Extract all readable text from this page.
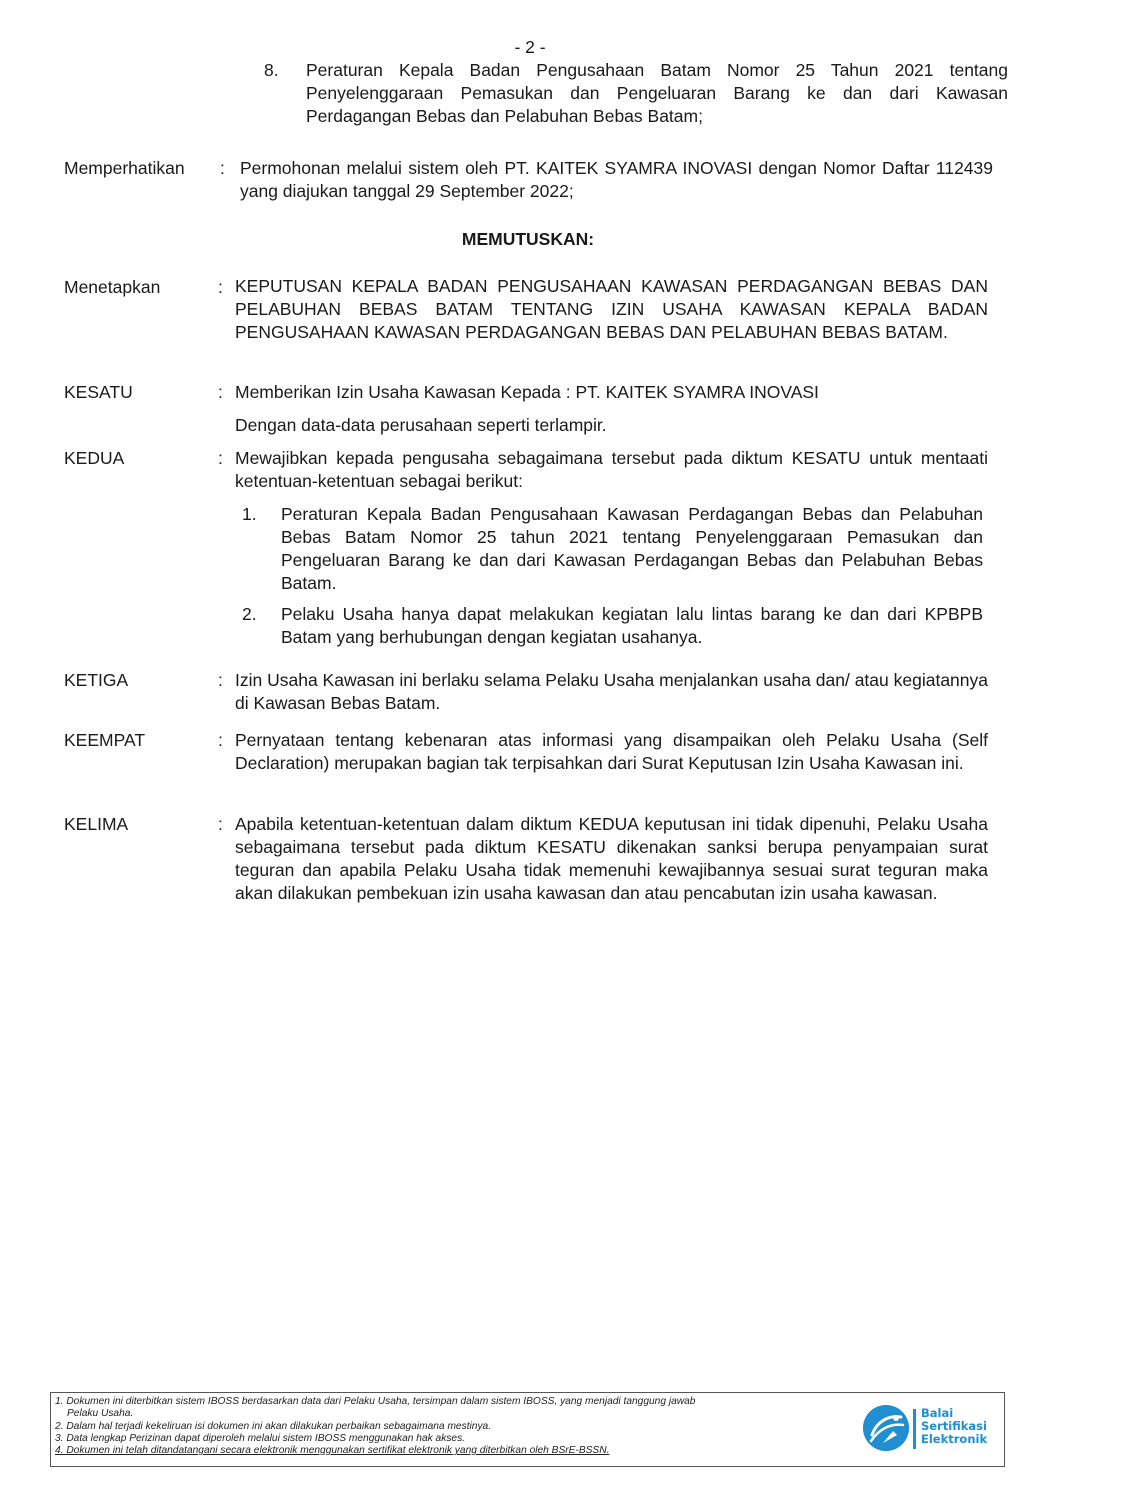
- 2 -
8. Peraturan Kepala Badan Pengusahaan Batam Nomor 25 Tahun 2021 tentang Penyelenggaraan Pemasukan dan Pengeluaran Barang ke dan dari Kawasan Perdagangan Bebas dan Pelabuhan Bebas Batam;
Memperhatikan : Permohonan melalui sistem oleh PT. KAITEK SYAMRA INOVASI dengan Nomor Daftar 112439 yang diajukan tanggal 29 September 2022;
MEMUTUSKAN:
Menetapkan	: KEPUTUSAN KEPALA BADAN PENGUSAHAAN KAWASAN PERDAGANGAN BEBAS DAN PELABUHAN BEBAS BATAM TENTANG IZIN USAHA KAWASAN KEPALA BADAN PENGUSAHAAN KAWASAN PERDAGANGAN BEBAS DAN PELABUHAN BEBAS BATAM.
KESATU	: Memberikan Izin Usaha Kawasan Kepada : PT. KAITEK SYAMRA INOVASI
Dengan data-data perusahaan seperti terlampir.
KEDUA	: Mewajibkan kepada pengusaha sebagaimana tersebut pada diktum KESATU untuk mentaati ketentuan-ketentuan sebagai berikut:
1. Peraturan Kepala Badan Pengusahaan Kawasan Perdagangan Bebas dan Pelabuhan Bebas Batam Nomor 25 tahun 2021 tentang Penyelenggaraan Pemasukan dan Pengeluaran Barang ke dan dari Kawasan Perdagangan Bebas dan Pelabuhan Bebas Batam.
2. Pelaku Usaha hanya dapat melakukan kegiatan lalu lintas barang ke dan dari KPBPB Batam yang berhubungan dengan kegiatan usahanya.
KETIGA	: Izin Usaha Kawasan ini berlaku selama Pelaku Usaha menjalankan usaha dan/ atau kegiatannya di Kawasan Bebas Batam.
KEEMPAT	: Pernyataan tentang kebenaran atas informasi yang disampaikan oleh Pelaku Usaha (Self Declaration) merupakan bagian tak terpisahkan dari Surat Keputusan Izin Usaha Kawasan ini.
KELIMA	: Apabila ketentuan-ketentuan dalam diktum KEDUA keputusan ini tidak dipenuhi, Pelaku Usaha sebagaimana tersebut pada diktum KESATU dikenakan sanksi berupa penyampaian surat teguran dan apabila Pelaku Usaha tidak memenuhi kewajibannya sesuai surat teguran maka akan dilakukan pembekuan izin usaha kawasan dan atau pencabutan izin usaha kawasan.
1. Dokumen ini diterbitkan sistem IBOSS berdasarkan data dari Pelaku Usaha, tersimpan dalam sistem IBOSS, yang menjadi tanggung jawab
Pelaku Usaha.
2. Dalam hal terjadi kekeliruan isi dokumen ini akan dilakukan perbaikan sebagaimana mestinya.
3. Data lengkap Perizinan dapat diperoleh melalui sistem IBOSS menggunakan hak akses.
4. Dokumen ini telah ditandatangani secara elektronik menggunakan sertifikat elektronik yang diterbitkan oleh BSrE-BSSN.
Balai
Sertifikasi
Elektronik
